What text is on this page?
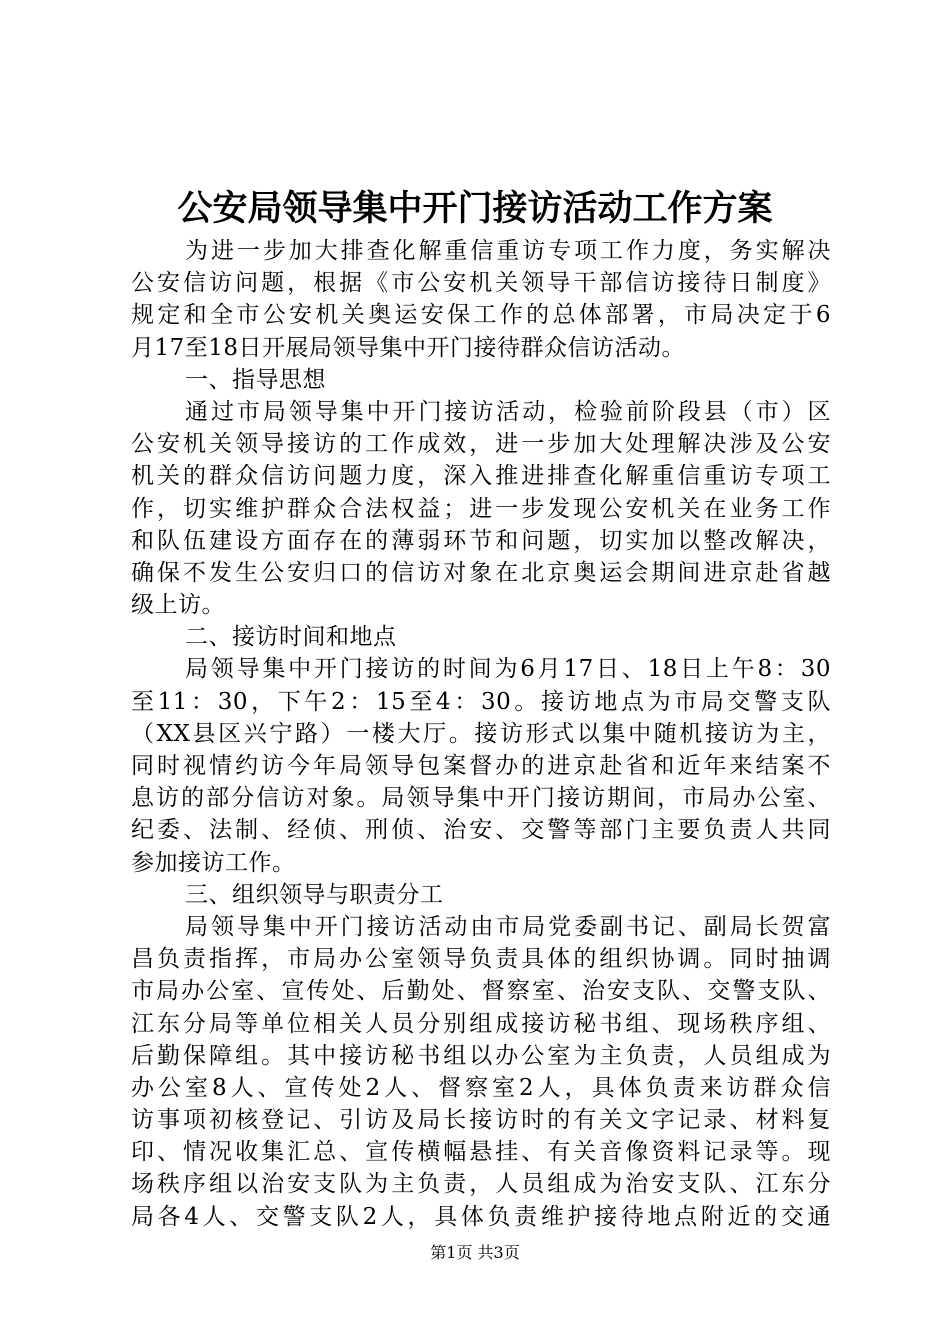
公安局领导集中开门接访活动工作方案
为进一步加大排查化解重信重访专项工作力度，务实解决
公安信访问题，根据《市公安机关领导干部信访接待日制度》
规定和全市公安机关奥运安保工作的总体部署，市局决定于6
月17至18日开展局领导集中开门接待群众信访活动。
一、指导思想
通过市局领导集中开门接访活动，检验前阶段县（市）区
公安机关领导接访的工作成效，进一步加大处理解决涉及公安
机关的群众信访问题力度，深入推进排查化解重信重访专项工
作，切实维护群众合法权益；进一步发现公安机关在业务工作
和队伍建设方面存在的薄弱环节和问题，切实加以整改解决，
确保不发生公安归口的信访对象在北京奥运会期间进京赴省越
级上访。
二、接访时间和地点
局领导集中开门接访的时间为6月17日、18日上午8：30
至11：30，下午2：15至4：30。接访地点为市局交警支队
（XX县区兴宁路）一楼大厅。接访形式以集中随机接访为主，
同时视情约访今年局领导包案督办的进京赴省和近年来结案不
息访的部分信访对象。局领导集中开门接访期间，市局办公室、
纪委、法制、经侦、刑侦、治安、交警等部门主要负责人共同
参加接访工作。
三、组织领导与职责分工
局领导集中开门接访活动由市局党委副书记、副局长贺富
昌负责指挥，市局办公室领导负责具体的组织协调。同时抽调
市局办公室、宣传处、后勤处、督察室、治安支队、交警支队、
江东分局等单位相关人员分别组成接访秘书组、现场秩序组、
后勤保障组。其中接访秘书组以办公室为主负责，人员组成为
办公室8人、宣传处2人、督察室2人，具体负责来访群众信
访事项初核登记、引访及局长接访时的有关文字记录、材料复
印、情况收集汇总、宣传横幅悬挂、有关音像资料记录等。现
场秩序组以治安支队为主负责，人员组成为治安支队、江东分
局各4人、交警支队2人，具体负责维护接待地点附近的交通
第1页 共3页
